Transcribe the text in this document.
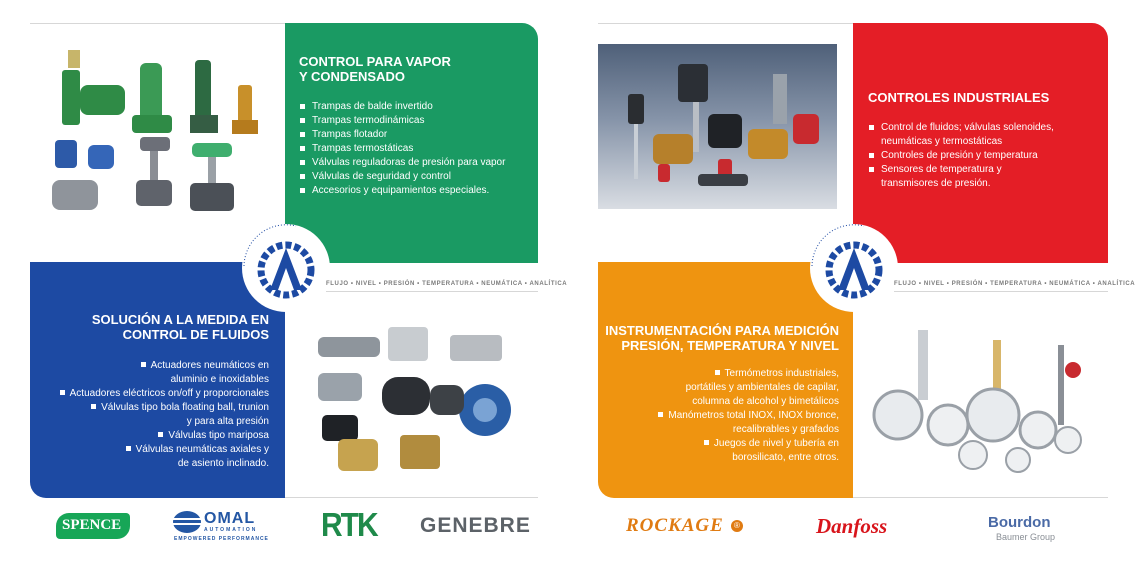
CONTROL PARA VAPOR
Y CONDENSADO
Trampas de balde invertido
Trampas termodinámicas
Trampas flotador
Trampas termostáticas
Válvulas reguladoras de presión para vapor
Válvulas de seguridad y control
Accesorios y equipamientos especiales.
SOLUCIÓN A LA MEDIDA EN
CONTROL DE FLUIDOS
Actuadores neumáticos en
aluminio e inoxidables
Actuadores eléctricos on/off y proporcionales
Válvulas tipo bola floating ball, trunion
y para alta presión
Válvulas tipo mariposa
Válvulas neumáticas axiales y
de asiento inclinado.
FLUJO • NIVEL • PRESIÓN • TEMPERATURA • NEUMÁTICA • ANALÍTICA
SPENCE	OMAL
AUTOMATION
EMPOWERED PERFORMANCE RTK GENEBRE
CONTROLES INDUSTRIALES
Control de fluidos; válvulas solenoides,
neumáticas y termostáticas
Controles de presión y temperatura
Sensores de temperatura y
transmisores de presión.
INSTRUMENTACIÓN PARA MEDICIÓN
PRESIÓN, TEMPERATURA Y NIVEL
Termómetros industriales,
portátiles y ambientales de capilar,
columna de alcohol y bimetálicos
Manómetros total INOX, INOX bronce,
recalibrables y grafados
Juegos de nivel y tubería en
borosilicato, entre otros.
FLUJO • NIVEL • PRESIÓN • TEMPERATURA • NEUMÁTICA • ANALÍTICA
ROCKAGE	®	Danfoss	Bourdon
Baumer Group
